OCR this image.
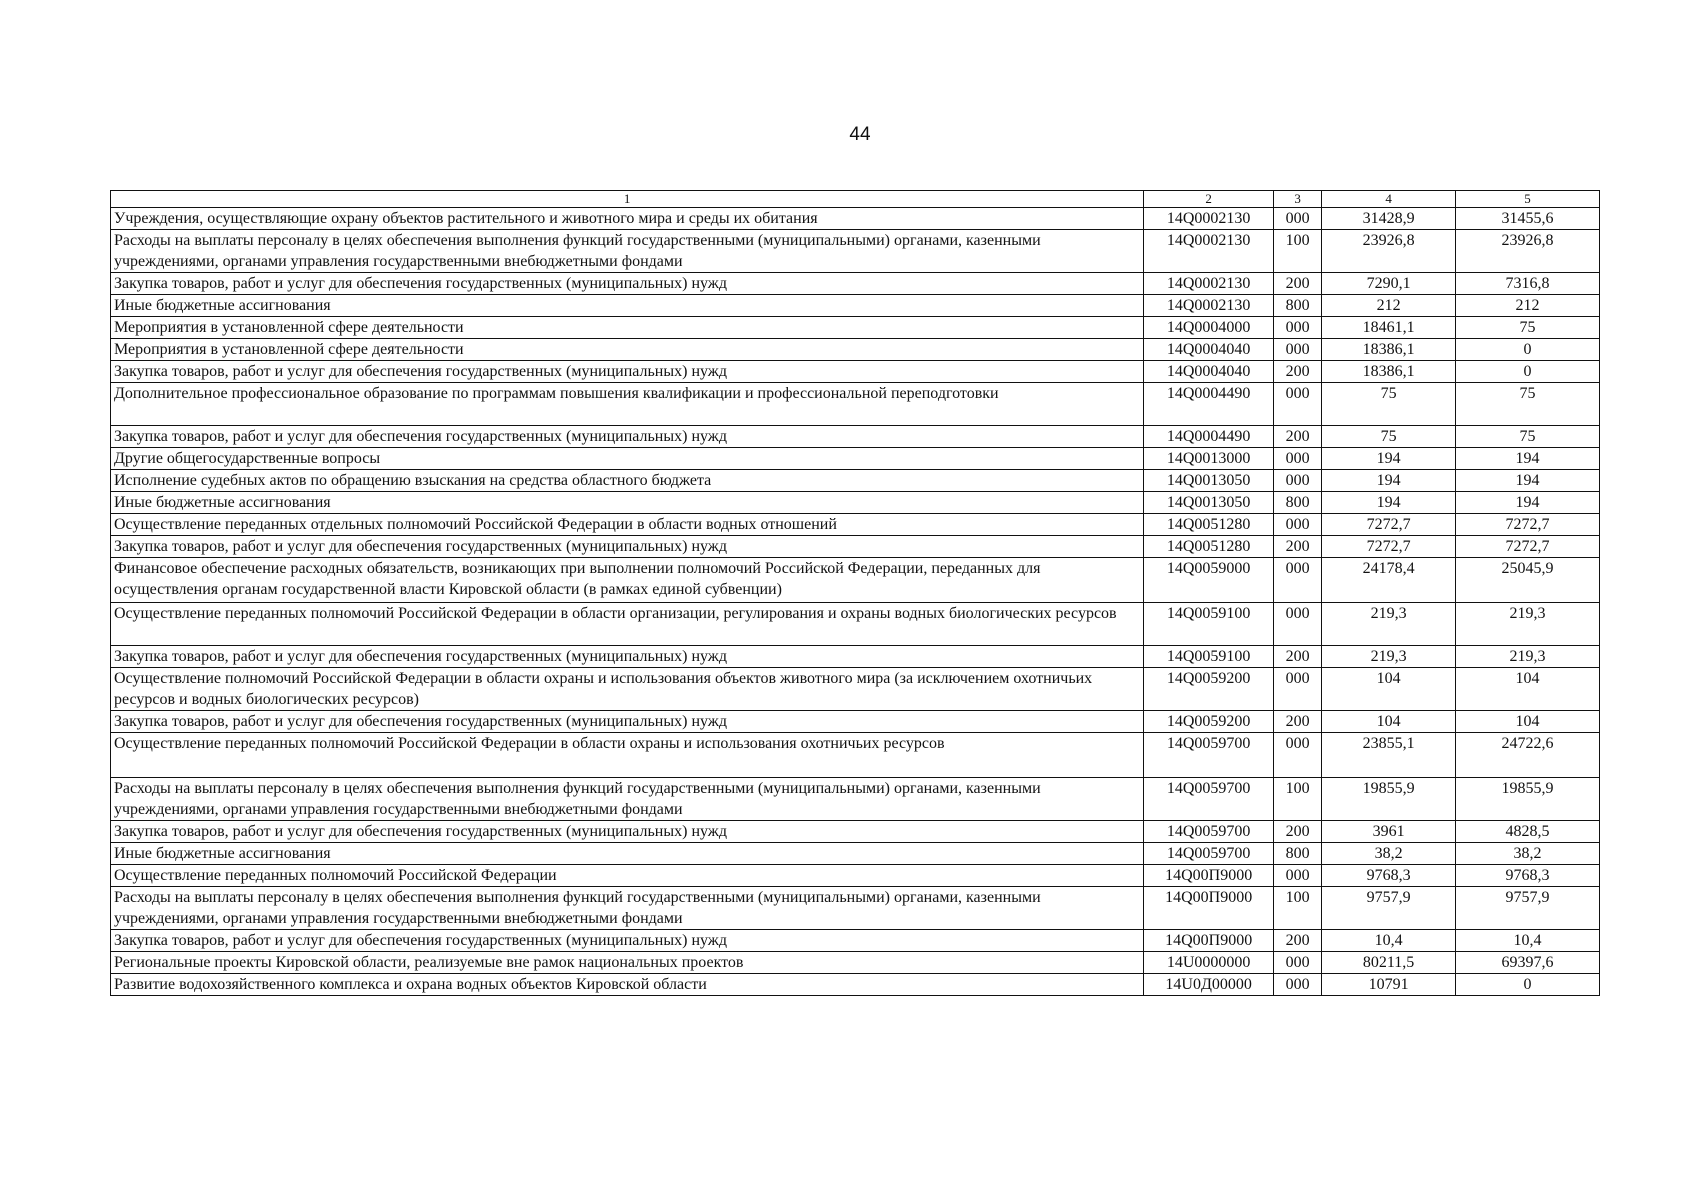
44
1	2	3	4	5
Учреждения, осуществляющие охрану объектов растительного и животного мира и среды их обитания	14Q0002130	000	31428,9	31455,6
Расходы на выплаты персоналу в целях обеспечения выполнения функций государственными (муниципальными) органами, казенными учреждениями, органами управления государственными внебюджетными фондами	14Q0002130	100	23926,8	23926,8
Закупка товаров, работ и услуг для обеспечения государственных (муниципальных) нужд	14Q0002130	200	7290,1	7316,8
Иные бюджетные ассигнования	14Q0002130	800	212	212
Мероприятия в установленной сфере деятельности	14Q0004000	000	18461,1	75
Мероприятия в установленной сфере деятельности	14Q0004040	000	18386,1	0
Закупка товаров, работ и услуг для обеспечения государственных (муниципальных) нужд	14Q0004040	200	18386,1	0
Дополнительное профессиональное образование по программам повышения квалификации и профессиональной переподготовки	14Q0004490	000	75	75
Закупка товаров, работ и услуг для обеспечения государственных (муниципальных) нужд	14Q0004490	200	75	75
Другие общегосударственные вопросы	14Q0013000	000	194	194
Исполнение судебных актов по обращению взыскания на средства областного бюджета	14Q0013050	000	194	194
Иные бюджетные ассигнования	14Q0013050	800	194	194
Осуществление переданных отдельных полномочий Российской Федерации в области водных отношений	14Q0051280	000	7272,7	7272,7
Закупка товаров, работ и услуг для обеспечения государственных (муниципальных) нужд	14Q0051280	200	7272,7	7272,7
Финансовое обеспечение расходных обязательств, возникающих при выполнении полномочий Российской Федерации, переданных для осуществления органам государственной власти Кировской области (в рамках единой субвенции)	14Q0059000	000	24178,4	25045,9
Осуществление переданных полномочий Российской Федерации в области организации, регулирования и охраны водных биологических ресурсов	14Q0059100	000	219,3	219,3
Закупка товаров, работ и услуг для обеспечения государственных (муниципальных) нужд	14Q0059100	200	219,3	219,3
Осуществление полномочий Российской Федерации в области охраны и использования объектов животного мира (за исключением охотничьих ресурсов и водных биологических ресурсов)	14Q0059200	000	104	104
Закупка товаров, работ и услуг для обеспечения государственных (муниципальных) нужд	14Q0059200	200	104	104
Осуществление переданных полномочий Российской Федерации в области охраны и использования охотничьих ресурсов	14Q0059700	000	23855,1	24722,6
Расходы на выплаты персоналу в целях обеспечения выполнения функций государственными (муниципальными) органами, казенными учреждениями, органами управления государственными внебюджетными фондами	14Q0059700	100	19855,9	19855,9
Закупка товаров, работ и услуг для обеспечения государственных (муниципальных) нужд	14Q0059700	200	3961	4828,5
Иные бюджетные ассигнования	14Q0059700	800	38,2	38,2
Осуществление переданных полномочий Российской Федерации	14Q00П9000	000	9768,3	9768,3
Расходы на выплаты персоналу в целях обеспечения выполнения функций государственными (муниципальными) органами, казенными учреждениями, органами управления государственными внебюджетными фондами	14Q00П9000	100	9757,9	9757,9
Закупка товаров, работ и услуг для обеспечения государственных (муниципальных) нужд	14Q00П9000	200	10,4	10,4
Региональные проекты Кировской области, реализуемые вне рамок национальных проектов	14U0000000	000	80211,5	69397,6
Развитие водохозяйственного комплекса и охрана водных объектов Кировской области	14U0Д00000	000	10791	0
